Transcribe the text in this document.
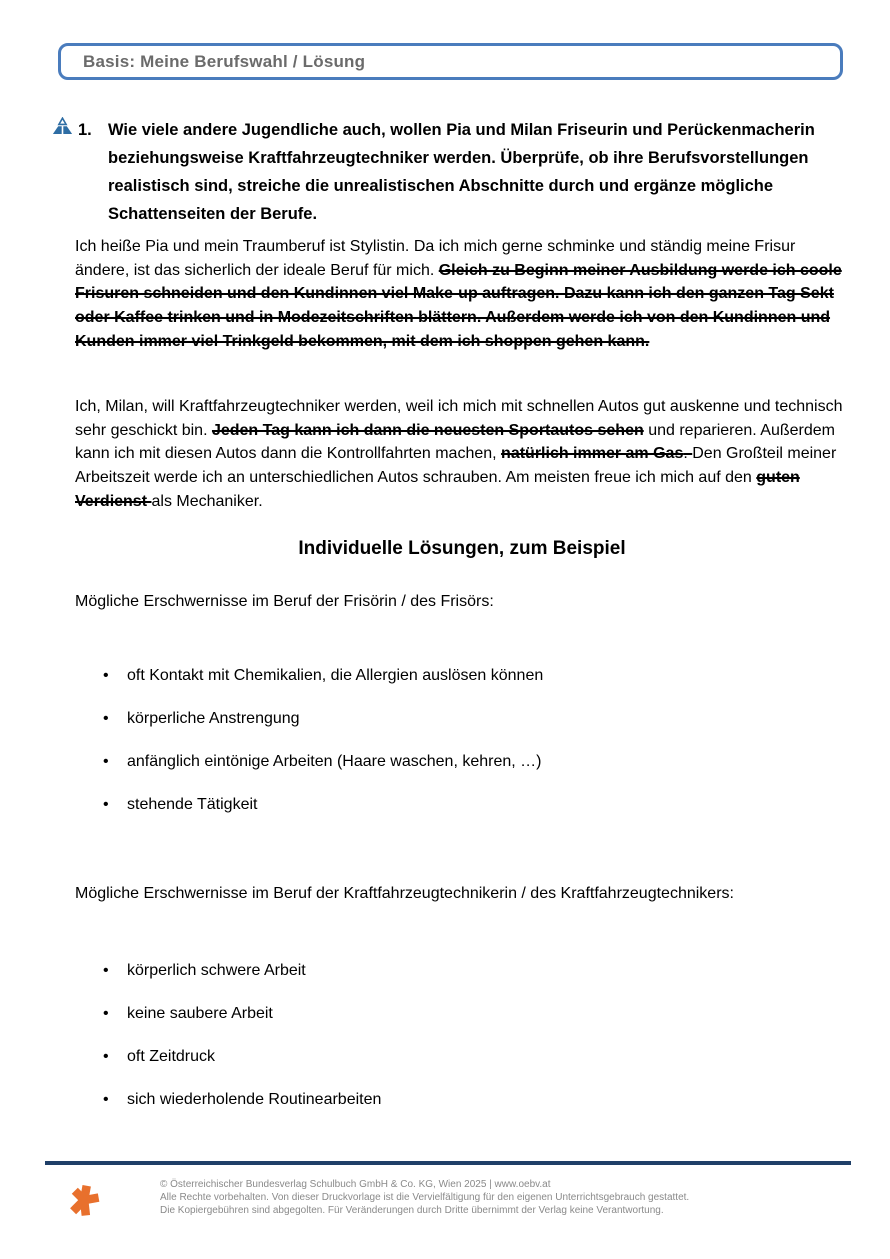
Basis: Meine Berufswahl / Lösung
1. Wie viele andere Jugendliche auch, wollen Pia und Milan Friseurin und Perückenmacherin beziehungsweise Kraftfahrzeugtechniker werden. Überprüfe, ob ihre Berufsvorstellungen realistisch sind, streiche die unrealistischen Abschnitte durch und ergänze mögliche Schattenseiten der Berufe.

Ich heiße Pia und mein Traumberuf ist Stylistin. Da ich mich gerne schminke und ständig meine Frisur ändere, ist das sicherlich der ideale Beruf für mich. Gleich zu Beginn meiner Ausbildung werde ich coole Frisuren schneiden und den Kundinnen viel Make-up auftragen. Dazu kann ich den ganzen Tag Sekt oder Kaffee trinken und in Modezeitschriften blättern. Außerdem werde ich von den Kundinnen und Kunden immer viel Trinkgeld bekommen, mit dem ich shoppen gehen kann.

Ich, Milan, will Kraftfahrzeugtechniker werden, weil ich mich mit schnellen Autos gut auskenne und technisch sehr geschickt bin. Jeden Tag kann ich dann die neuesten Sportautos sehen und reparieren. Außerdem kann ich mit diesen Autos dann die Kontrollfahrten machen, natürlich immer am Gas. Den Großteil meiner Arbeitszeit werde ich an unterschiedlichen Autos schrauben. Am meisten freue ich mich auf den guten Verdienst als Mechaniker.

Individuelle Lösungen, zum Beispiel
Mögliche Erschwernisse im Beruf der Frisörin / des Frisörs:
• oft Kontakt mit Chemikalien, die Allergien auslösen können
• körperliche Anstrengung
• anfänglich eintönige Arbeiten (Haare waschen, kehren, …)
• stehende Tätigkeit
Mögliche Erschwernisse im Beruf der Kraftfahrzeugtechnikerin / des Kraftfahrzeugtechnikers:
• körperlich schwere Arbeit
• keine saubere Arbeit
• oft Zeitdruck
• sich wiederholende Routinearbeiten
© Österreichischer Bundesverlag Schulbuch GmbH & Co. KG, Wien 2025 | www.oebv.at
Alle Rechte vorbehalten. Von dieser Druckvorlage ist die Vervielfältigung für den eigenen Unterrichtsgebrauch gestattet.
Die Kopiergebühren sind abgegolten. Für Veränderungen durch Dritte übernimmt der Verlag keine Verantwortung.
